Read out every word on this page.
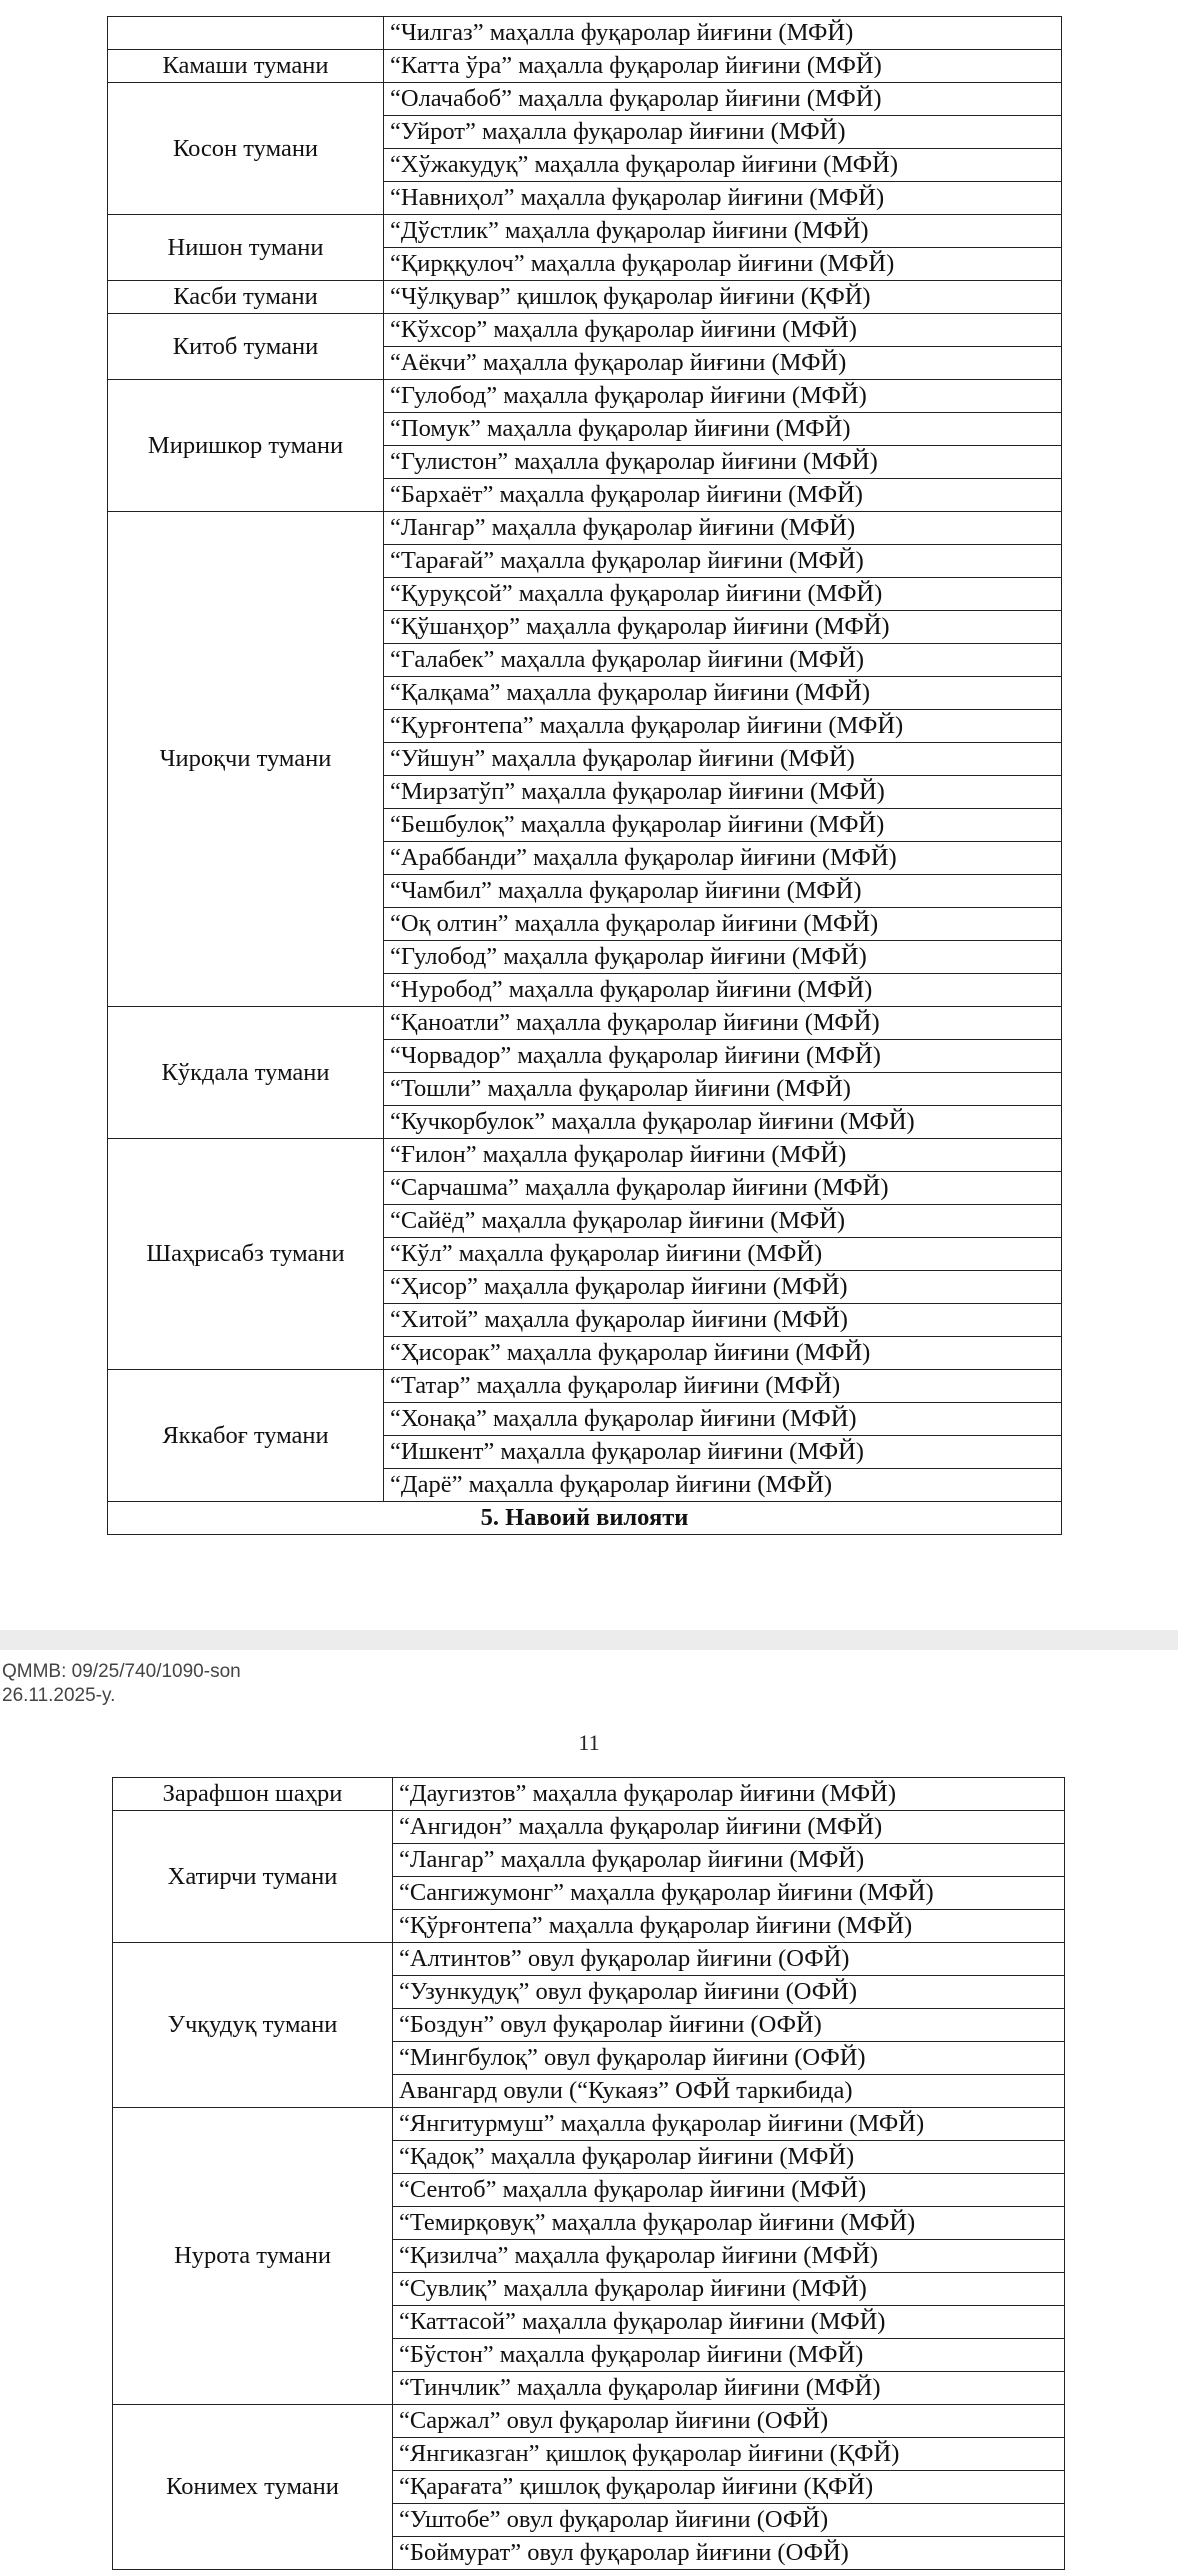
	“Чилгаз” маҳалла фуқаролар йиғини (МФЙ)
Камаши тумани	“Катта ўра” маҳалла фуқаролар йиғини (МФЙ)
Косон тумани	“Олачабоб” маҳалла фуқаролар йиғини (МФЙ)
	“Уйрот” маҳалла фуқаролар йиғини (МФЙ)
	“Хўжакудуқ” маҳалла фуқаролар йиғини (МФЙ)
	“Навниҳол” маҳалла фуқаролар йиғини (МФЙ)
Нишон тумани	“Дўстлик” маҳалла фуқаролар йиғини (МФЙ)
	“Қирққулоч” маҳалла фуқаролар йиғини (МФЙ)
Касби тумани	“Чўлқувар” қишлоқ фуқаролар йиғини (ҚФЙ)
Китоб тумани	“Кўхсор” маҳалла фуқаролар йиғини (МФЙ)
	“Аёкчи” маҳалла фуқаролар йиғини (МФЙ)
Миришкор тумани	“Гулобод” маҳалла фуқаролар йиғини (МФЙ)
	“Помук” маҳалла фуқаролар йиғини (МФЙ)
	“Гулистон” маҳалла фуқаролар йиғини (МФЙ)
	“Бархаёт” маҳалла фуқаролар йиғини (МФЙ)
Чироқчи тумани	“Лангар” маҳалла фуқаролар йиғини (МФЙ)
	“Тарағай” маҳалла фуқаролар йиғини (МФЙ)
	“Қуруқсой” маҳалла фуқаролар йиғини (МФЙ)
	“Қўшанҳор” маҳалла фуқаролар йиғини (МФЙ)
	“Галабек” маҳалла фуқаролар йиғини (МФЙ)
	“Қалқама” маҳалла фуқаролар йиғини (МФЙ)
	“Қурғонтепа” маҳалла фуқаролар йиғини (МФЙ)
	“Уйшун” маҳалла фуқаролар йиғини (МФЙ)
	“Мирзатўп” маҳалла фуқаролар йиғини (МФЙ)
	“Бешбулоқ” маҳалла фуқаролар йиғини (МФЙ)
	“Араббанди” маҳалла фуқаролар йиғини (МФЙ)
	“Чамбил” маҳалла фуқаролар йиғини (МФЙ)
	“Оқ олтин” маҳалла фуқаролар йиғини (МФЙ)
	“Гулобод” маҳалла фуқаролар йиғини (МФЙ)
	“Нуробод” маҳалла фуқаролар йиғини (МФЙ)
Кўкдала тумани	“Қаноатли” маҳалла фуқаролар йиғини (МФЙ)
	“Чорвадор” маҳалла фуқаролар йиғини (МФЙ)
	“Тошли” маҳалла фуқаролар йиғини (МФЙ)
	“Кучкорбулок” маҳалла фуқаролар йиғини (МФЙ)
Шаҳрисабз тумани	“Ғилон” маҳалла фуқаролар йиғини (МФЙ)
	“Сарчашма” маҳалла фуқаролар йиғини (МФЙ)
	“Сайёд” маҳалла фуқаролар йиғини (МФЙ)
	“Кўл” маҳалла фуқаролар йиғини (МФЙ)
	“Ҳисор” маҳалла фуқаролар йиғини (МФЙ)
	“Хитой” маҳалла фуқаролар йиғини (МФЙ)
	“Ҳисорак” маҳалла фуқаролар йиғини (МФЙ)
Яккабоғ тумани	“Татар” маҳалла фуқаролар йиғини (МФЙ)
	“Хонақа” маҳалла фуқаролар йиғини (МФЙ)
	“Ишкент” маҳалла фуқаролар йиғини (МФЙ)
	“Дарё” маҳалла фуқаролар йиғини (МФЙ)
5. Навоий вилояти	
QMMB: 09/25/740/1090-son
26.11.2025-y.
11
Зарафшон шаҳри	“Даугизтов” маҳалла фуқаролар йиғини (МФЙ)
Хатирчи тумани	“Ангидон” маҳалла фуқаролар йиғини (МФЙ)
	“Лангар” маҳалла фуқаролар йиғини (МФЙ)
	“Сангижумонг” маҳалла фуқаролар йиғини (МФЙ)
	“Қўрғонтепа” маҳалла фуқаролар йиғини (МФЙ)
Учқудуқ тумани	“Алтинтов” овул фуқаролар йиғини (ОФЙ)
	“Узункудуқ” овул фуқаролар йиғини (ОФЙ)
	“Боздун” овул фуқаролар йиғини (ОФЙ)
	“Мингбулоқ” овул фуқаролар йиғини (ОФЙ)
	Авангард овули (“Кукаяз” ОФЙ таркибида)
Нурота тумани	“Янгитурмуш” маҳалла фуқаролар йиғини (МФЙ)
	“Қадоқ” маҳалла фуқаролар йиғини (МФЙ)
	“Сентоб” маҳалла фуқаролар йиғини (МФЙ)
	“Темирқовуқ” маҳалла фуқаролар йиғини (МФЙ)
	“Қизилча” маҳалла фуқаролар йиғини (МФЙ)
	“Сувлиқ” маҳалла фуқаролар йиғини (МФЙ)
	“Каттасой” маҳалла фуқаролар йиғини (МФЙ)
	“Бўстон” маҳалла фуқаролар йиғини (МФЙ)
	“Тинчлик” маҳалла фуқаролар йиғини (МФЙ)
Конимех тумани	“Саржал” овул фуқаролар йиғини (ОФЙ)
	“Янгиказган” қишлоқ фуқаролар йиғини (ҚФЙ)
	“Қарағата” қишлоқ фуқаролар йиғини (ҚФЙ)
	“Уштобе” овул фуқаролар йиғини (ОФЙ)
	“Боймурат” овул фуқаролар йиғини (ОФЙ)
